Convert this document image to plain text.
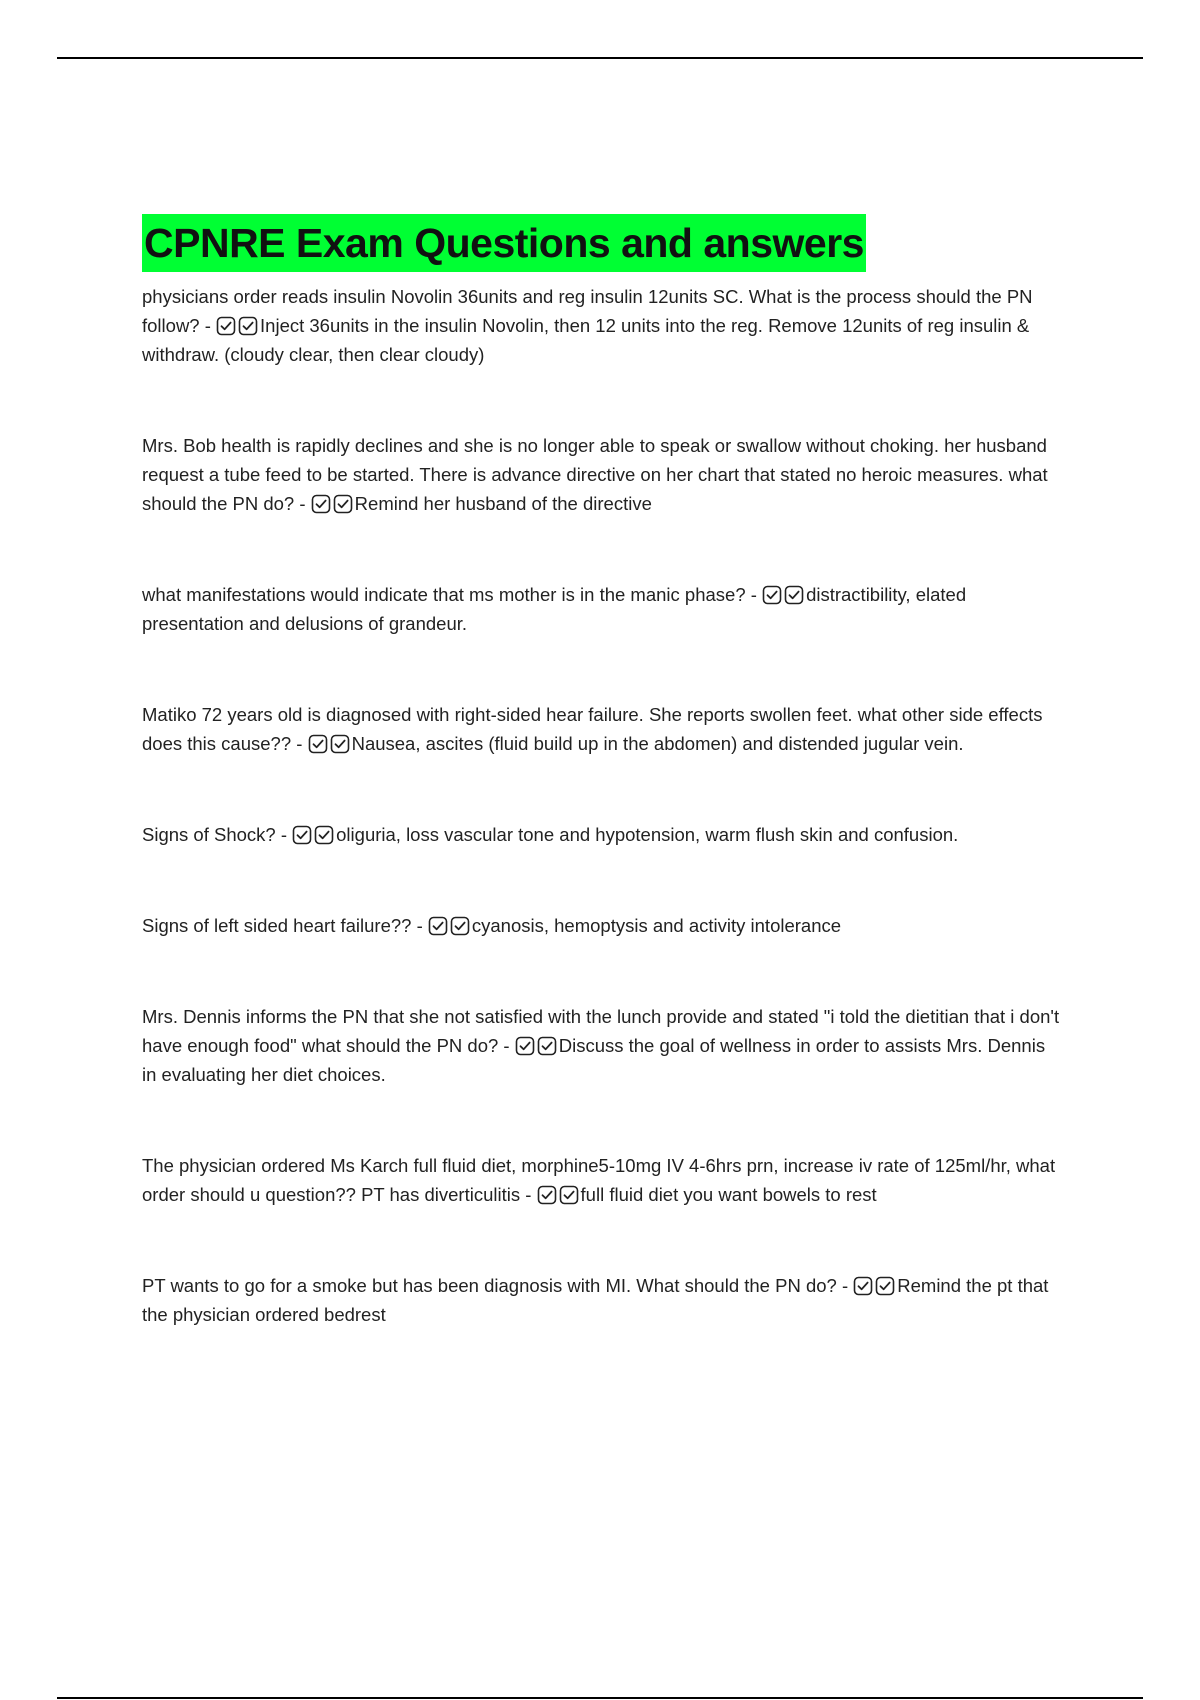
CPNRE Exam Questions and answers

physicians order reads insulin Novolin 36units and reg insulin 12units SC. What is the process should the PN follow? -
Inject 36units in the insulin Novolin, then 12 units into the reg. Remove 12units of reg insulin & withdraw. (cloudy clear, then clear cloudy)

Mrs. Bob health is rapidly declines and she is no longer able to speak or swallow without choking. her husband request a tube feed to be started. There is advance directive on her chart that stated no heroic measures. what should the PN do? -
Remind her husband of the directive

what manifestations would indicate that ms mother is in the manic phase? -
distractibility, elated presentation and delusions of grandeur.

Matiko 72 years old is diagnosed with right-sided hear failure. She reports swollen feet. what other side effects does this cause?? -
Nausea, ascites (fluid build up in the abdomen) and distended jugular vein.

Signs of Shock? -
oliguria, loss vascular tone and hypotension, warm flush skin and confusion.

Signs of left sided heart failure?? -
cyanosis, hemoptysis and activity intolerance

Mrs. Dennis informs the PN that she not satisfied with the lunch provide and stated "i told the dietitian that i don't have enough food" what should the PN do? -
Discuss the goal of wellness in order to assists Mrs. Dennis in evaluating her diet choices.

The physician ordered Ms Karch full fluid diet, morphine5-10mg IV 4-6hrs prn, increase iv rate of 125ml/hr, what order should u question?? PT has diverticulitis -
full fluid diet you want bowels to rest

PT wants to go for a smoke but has been diagnosis with MI. What should the PN do? -
Remind the pt that the physician ordered bedrest
